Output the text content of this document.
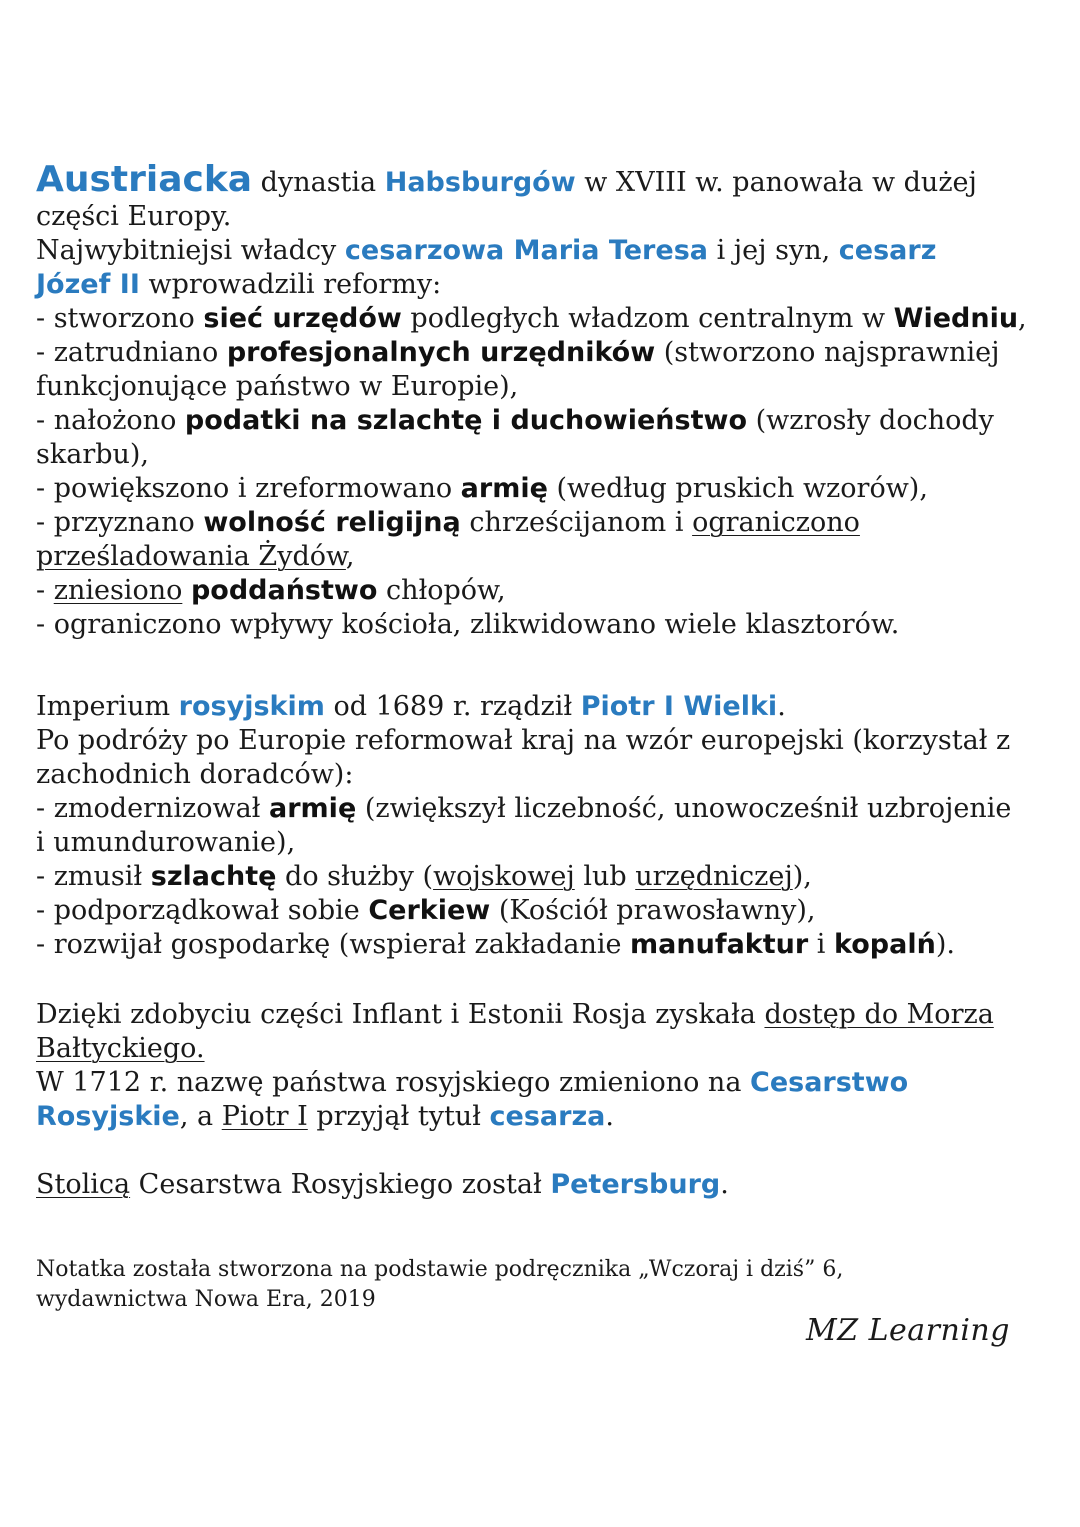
Austriacka dynastia Habsburgów w XVIII w. panowała w dużej
części Europy.
Najwybitniejsi władcy cesarzowa Maria Teresa i jej syn, cesarz
Józef II wprowadzili reformy:
- stworzono sieć urzędów podległych władzom centralnym w Wiedniu,
- zatrudniano profesjonalnych urzędników (stworzono najsprawniej
funkcjonujące państwo w Europie),
- nałożono podatki na szlachtę i duchowieństwo (wzrosły dochody
skarbu),
- powiększono i zreformowano armię (według pruskich wzorów),
- przyznano wolność religijną chrześcijanom i ograniczono
prześladowania Żydów,
- zniesiono poddaństwo chłopów,
- ograniczono wpływy kościoła, zlikwidowano wiele klasztorów.
Imperium rosyjskim od 1689 r. rządził Piotr I Wielki.
Po podróży po Europie reformował kraj na wzór europejski (korzystał z
zachodnich doradców):
- zmodernizował armię (zwiększył liczebność, unowocześnił uzbrojenie
i umundurowanie),
- zmusił szlachtę do służby (wojskowej lub urzędniczej),
- podporządkował sobie Cerkiew (Kościół prawosławny),
- rozwijał gospodarkę (wspierał zakładanie manufaktur i kopalń).
Dzięki zdobyciu części Inflant i Estonii Rosja zyskała dostęp do Morza
Bałtyckiego.
W 1712 r. nazwę państwa rosyjskiego zmieniono na Cesarstwo
Rosyjskie, a Piotr I przyjął tytuł cesarza.
Stolicą Cesarstwa Rosyjskiego został Petersburg.
Notatka została stworzona na podstawie podręcznika „Wczoraj i dziś” 6,
wydawnictwa Nowa Era, 2019
MZ Learning
